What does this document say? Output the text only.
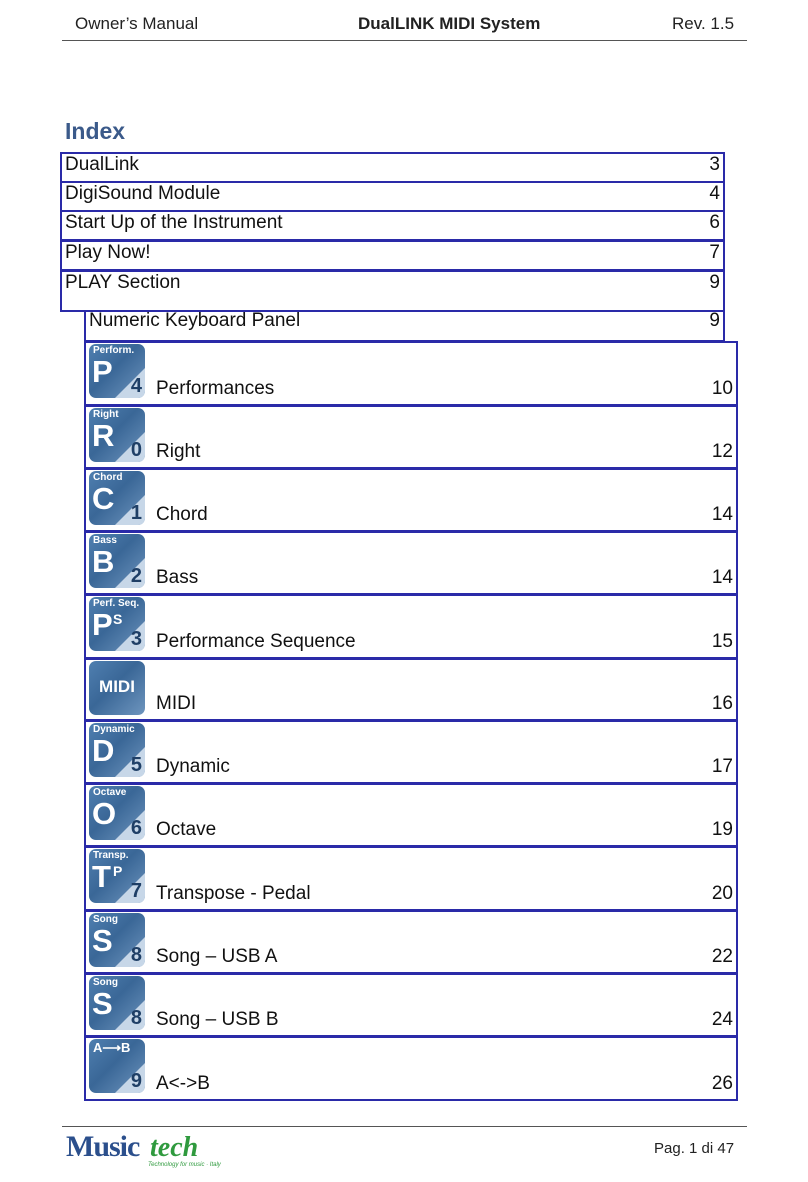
Owner’s Manual	DualLINK MIDI System	Rev. 1.5
Index
DualLink	3
DigiSound Module	4
Start Up of the Instrument	6
Play Now!	7
PLAY Section	9
Numeric Keyboard Panel	9
Perform.
P 4 Performances	10
Right
R 0 Right	12
Chord
C 1 Chord	14
Bass
B 2 Bass	14
Perf. Seq.
P S
3 Performance Sequence	15
MIDI
MIDI	16
Dynamic
D 5 Dynamic	17
Octave
O 6 Octave	19
Transp.
T P
7 Transpose - Pedal	20
Song
S 8 Song – USB A	22
Song
S 8 Song – USB B	24
A⟶B
9 A<->B	26
Music tech
Technology for music · Italy
Pag. 1 di 47
